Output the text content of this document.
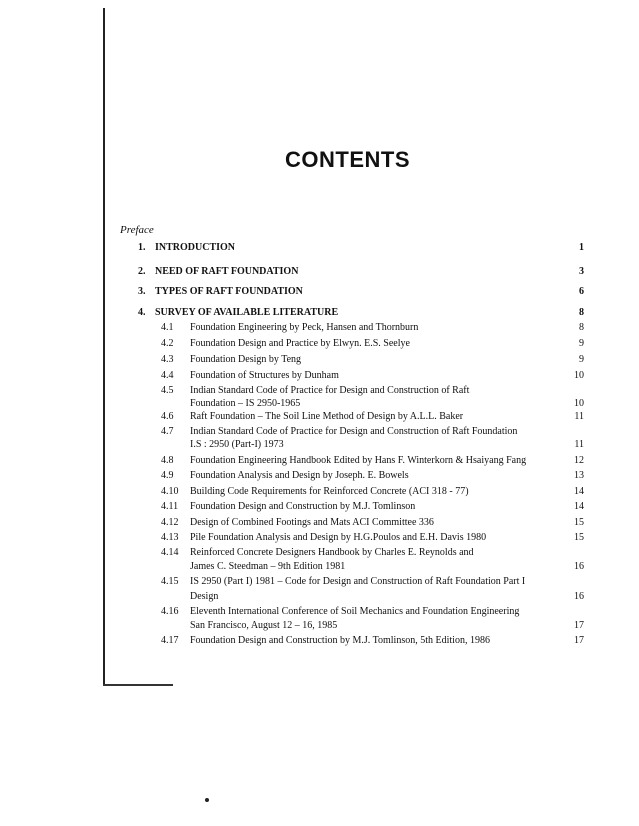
CONTENTS
Preface
1. INTRODUCTION	1
2. NEED OF RAFT FOUNDATION	3
3. TYPES OF RAFT FOUNDATION	6
4. SURVEY OF AVAILABLE LITERATURE	8
4.1	Foundation Engineering by Peck, Hansen and Thornburn	8
4.2	Foundation Design and Practice by Elwyn. E.S. Seelye	9
4.3	Foundation Design by Teng	9
4.4	Foundation of Structures by Dunham	10
4.5	Indian Standard Code of Practice for Design and Construction of Raft
Foundation – IS 2950-1965	10
4.6	Raft Foundation – The Soil Line Method of Design by A.L.L. Baker	11
4.7	Indian Standard Code of Practice for Design and Construction of Raft Foundation
I.S : 2950 (Part-I) 1973	11
4.8	Foundation Engineering Handbook Edited by Hans F. Winterkorn & Hsaiyang Fang	12
4.9	Foundation Analysis and Design by Joseph. E. Bowels	13
4.10	Building Code Requirements for Reinforced Concrete (ACI 318 - 77)	14
4.11	Foundation Design and Construction by M.J. Tomlinson	14
4.12	Design of Combined Footings and Mats ACI Committee 336	15
4.13	Pile Foundation Analysis and Design by H.G.Poulos and E.H. Davis 1980	15
4.14	Reinforced Concrete Designers Handbook by Charles E. Reynolds and
James C. Steedman – 9th Edition 1981	16
4.15	IS 2950 (Part I) 1981 – Code for Design and Construction of Raft Foundation Part I
Design	16
4.16	Eleventh International Conference of Soil Mechanics and Foundation Engineering
San Francisco, August 12 – 16, 1985	17
4.17	Foundation Design and Construction by M.J. Tomlinson, 5th Edition, 1986	17
